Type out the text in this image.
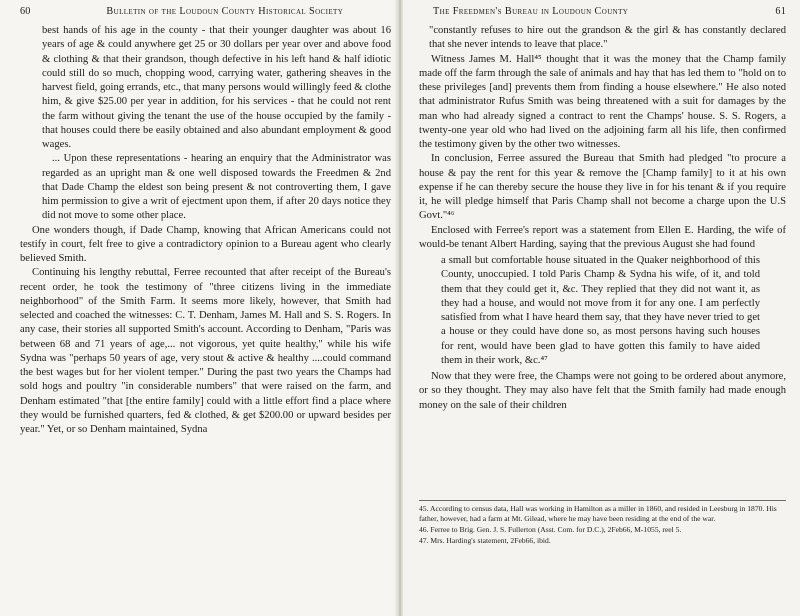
60	Bulletin of the Loudoun County Historical Society

best hands of his age in the county - that their younger daughter was about 16 years of age & could anywhere get 25 or 30 dollars per year over and above food & clothing & that their grandson, though defective in his left hand & half idiotic could still do so much, chopping wood, carrying water, gathering sheaves in the harvest field, going errands, etc., that many persons would willingly feed & clothe him, & give $25.00 per year in addition, for his services - that he could not rent the farm without giving the tenant the use of the house occupied by the family - that houses could there be easily obtained and also abundant employment & good wages.

... Upon these representations - hearing an enquiry that the Administrator was regarded as an upright man & one well disposed towards the Freedmen & 2nd that Dade Champ the eldest son being present & not controverting them, I gave him permission to give a writ of ejectment upon them, if after 20 days notice they did not move to some other place.

One wonders though, if Dade Champ, knowing that African Americans could not testify in court, felt free to give a contradictory opinion to a Bureau agent who clearly believed Smith.

Continuing his lengthy rebuttal, Ferree recounted that after receipt of the Bureau's recent order, he took the testimony of "three citizens living in the immediate neighborhood" of the Smith Farm. It seems more likely, however, that Smith had selected and coached the witnesses: C. T. Denham, James M. Hall and S. S. Rogers. In any case, their stories all supported Smith's account. According to Denham, "Paris was between 68 and 71 years of age,... not vigorous, yet quite healthy," while his wife Sydna was "perhaps 50 years of age, very stout & active & healthy ....could command the best wages but for her violent temper." During the past two years the Champs had sold hogs and poultry "in considerable numbers" that were raised on the farm, and Denham estimated "that [the entire family] could with a little effort find a place where they would be furnished quarters, fed & clothed, & get $200.00 or upward besides per year." Yet, or so Denham maintained, Sydna

The Freedmen's Bureau in Loudoun County	61

"constantly refuses to hire out the grandson & the girl & has constantly declared that she never intends to leave that place."

Witness James M. Hall⁴⁵ thought that it was the money that the Champ family made off the farm through the sale of animals and hay that has led them to "hold on to these privileges [and] prevents them from finding a house elsewhere." He also noted that administrator Rufus Smith was being threatened with a suit for damages by the man who had already signed a contract to rent the Champs' house. S. S. Rogers, a twenty-one year old who had lived on the adjoining farm all his life, then confirmed the testimony given by the other two witnesses.

In conclusion, Ferree assured the Bureau that Smith had pledged "to procure a house & pay the rent for this year & remove the [Champ family] to it at his own expense if he can thereby secure the house they live in for his tenant & if you require it, he will pledge himself that Paris Champ shall not become a charge upon the U.S Govt."⁴⁶

Enclosed with Ferree's report was a statement from Ellen E. Harding, the wife of would-be tenant Albert Harding, saying that the previous August she had found

a small but comfortable house situated in the Quaker neighborhood of this County, unoccupied. I told Paris Champ & Sydna his wife, of it, and told them that they could get it, &c. They replied that they did not want it, as they had a house, and would not move from it for any one. I am perfectly satisfied from what I have heard them say, that they have never tried to get a house or they could have done so, as most persons having such houses for rent, would have been glad to have gotten this family to have aided them in their work, &c.⁴⁷

Now that they were free, the Champs were not going to be ordered about anymore, or so they thought. They may also have felt that the Smith family had made enough money on the sale of their children

45. According to census data, Hall was working in Hamilton as a miller in 1860, and resided in Leesburg in 1870. His father, however, had a farm at Mt. Gilead, where he may have been residing at the end of the war.

46. Ferree to Brig. Gen. J. S. Fullerton (Asst. Com. for D.C.), 2Feb66, M-1055, reel 5.

47. Mrs. Harding's statement, 2Feb66, ibid.
